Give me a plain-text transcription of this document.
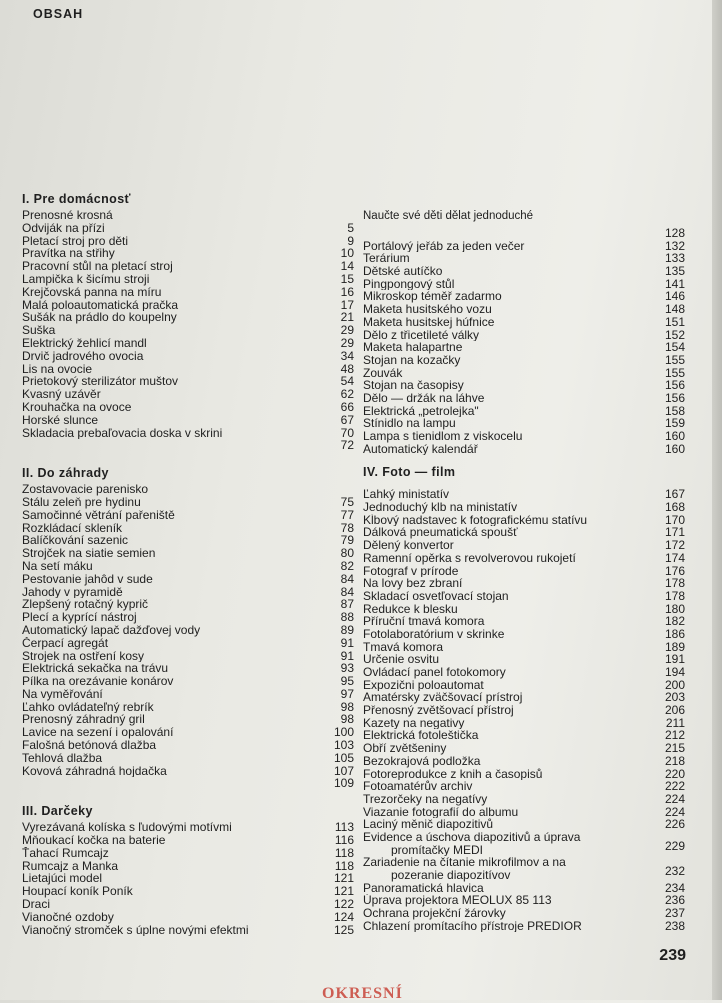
OBSAH
I. Pre domácnosť
Prenosné krosná
Odviják na přízi	5
Pletací stroj pro děti	9
Pravítka na střihy	10
Pracovní stůl na pletací stroj	14
Lampička k šicímu stroji	15
Krejčovská panna na míru	16
Malá poloautomatická pračka	17
Sušák na prádlo do koupelny	21
Suška	29
Elektrický žehlicí mandl	29
Drvič jadrového ovocia	34
Lis na ovocie	48
Prietokový sterilizátor muštov	54
Kvasný uzávěr	62
Krouhačka na ovoce	66
Horské slunce	67
Skladacia prebaľovacia doska v skrini	70
72
II. Do záhrady
Zostavovacie parenisko
Stálu zeleň pre hydinu	75
Samočinné větrání pařeniště	77
Rozkládací skleník	78
Balíčkování sazenic	79
Strojček na siatie semien	80
Na setí máku	82
Pestovanie jahôd v sude	84
Jahody v pyramidě	84
Zlepšený rotačný kyprič	87
Plecí a kyprící nástroj	88
Automatický lapač dažďovej vody	89
Čerpací agregát	91
Strojek na ostření kosy	91
Elektrická sekačka na trávu	93
Pílka na orezávanie konárov	95
Na vyměřování	97
Ľahko ovládateľný rebrík	98
Prenosný záhradný gril	98
Lavice na sezení i opalování	100
Falošná betónová dlažba	103
Tehlová dlažba	105
Kovová záhradná hojdačka	107
109
III. Darčeky
Vyrezávaná kolíska s ľudovými motívmi	113
Mňoukací kočka na baterie	116
Ťahací Rumcajz	118
Rumcajz a Manka	118
Lietajúci model	121
Houpací koník Poník	121
Draci	122
Vianočné ozdoby	124
Vianočný stromček s úplne novými efektmi	125
Naučte své děti dělat jednoduché
128
Portálový jeřáb za jeden večer	132
Terárium	133
Dětské autíčko	135
Pingpongový stůl	141
Mikroskop téměř zadarmo	146
Maketa husitského vozu	148
Maketa husitskej húfnice	151
Dělo z třicetileté války	152
Maketa halapartne	154
Stojan na kozačky	155
Zouvák	155
Stojan na časopisy	156
Dělo — držák na láhve	156
Elektrická „petrolejka"	158
Stínidlo na lampu	159
Lampa s tienidlom z viskocelu	160
Automatický kalendář	160
IV. Foto — film
Ľahký ministatív	167
Jednoduchý klb na ministatív	168
Kĺbový nadstavec k fotografickému statívu	170
Dálková pneumatická spoušť	171
Dělený konvertor	172
Ramenní opěrka s revolverovou rukojetí	174
Fotograf v prírode	176
Na lovy bez zbraní	178
Skladací osvetľovací stojan	178
Redukce k blesku	180
Příruční tmavá komora	182
Fotolaboratórium v skrinke	186
Tmavá komora	189
Určenie osvitu	191
Ovládací panel fotokomory	194
Expozični poloautomat	200
Amatérsky zväčšovací prístroj	203
Přenosný zvětšovací přístroj	206
Kazety na negativy	211
Elektrická fotoleštička	212
Obří zvětšeniny	215
Bezokrajová podložka	218
Fotoreprodukce z knih a časopisů	220
Fotoamatérův archiv	222
Trezorčeky na negatívy	224
Viazanie fotografií do albumu	224
Laciný měnič diapozitivů	226
Evidence a úschova diapozitivů a úprava
promítačky MEDI	229
Zariadenie na čítanie mikrofilmov a na
pozeranie diapozitívov	232
Panoramatická hlavica	234
Úprava projektora MEOLUX 85 113	236
Ochrana projekční žárovky	237
Chlazení promítacího přístroje PREDIOR	238
239
OKRESNÍ
